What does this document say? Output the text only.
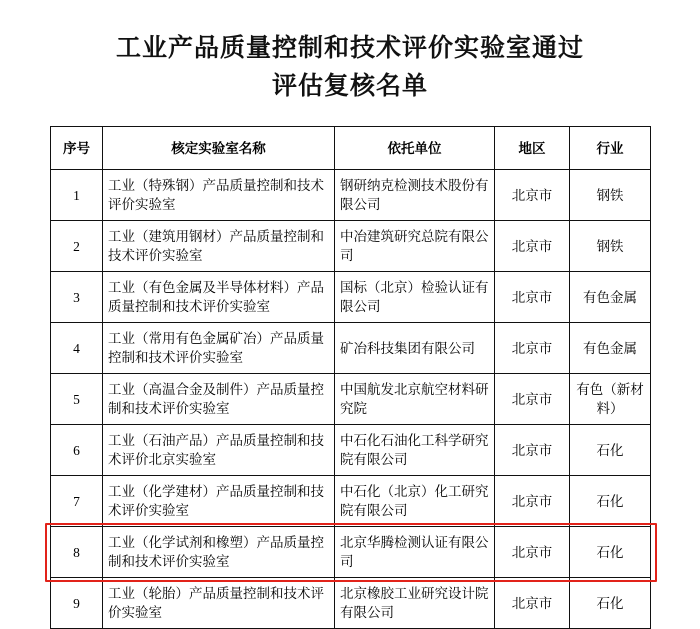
工业产品质量控制和技术评价实验室通过
评估复核名单
序号	核定实验室名称	依托单位	地区	行业
1	工业（特殊钢）产品质量控制和技术评价实验室	钢研纳克检测技术股份有限公司	北京市	钢铁
2	工业（建筑用钢材）产品质量控制和技术评价实验室	中冶建筑研究总院有限公司	北京市	钢铁
3	工业（有色金属及半导体材料）产品质量控制和技术评价实验室	国标（北京）检验认证有限公司	北京市	有色金属
4	工业（常用有色金属矿冶）产品质量控制和技术评价实验室	矿冶科技集团有限公司	北京市	有色金属
5	工业（高温合金及制件）产品质量控制和技术评价实验室	中国航发北京航空材料研究院	北京市	有色（新材料）
6	工业（石油产品）产品质量控制和技术评价北京实验室	中石化石油化工科学研究院有限公司	北京市	石化
7	工业（化学建材）产品质量控制和技术评价实验室	中石化（北京）化工研究院有限公司	北京市	石化
8	工业（化学试剂和橡塑）产品质量控制和技术评价实验室	北京华腾检测认证有限公司	北京市	石化
9	工业（轮胎）产品质量控制和技术评价实验室	北京橡胶工业研究设计院有限公司	北京市	石化
